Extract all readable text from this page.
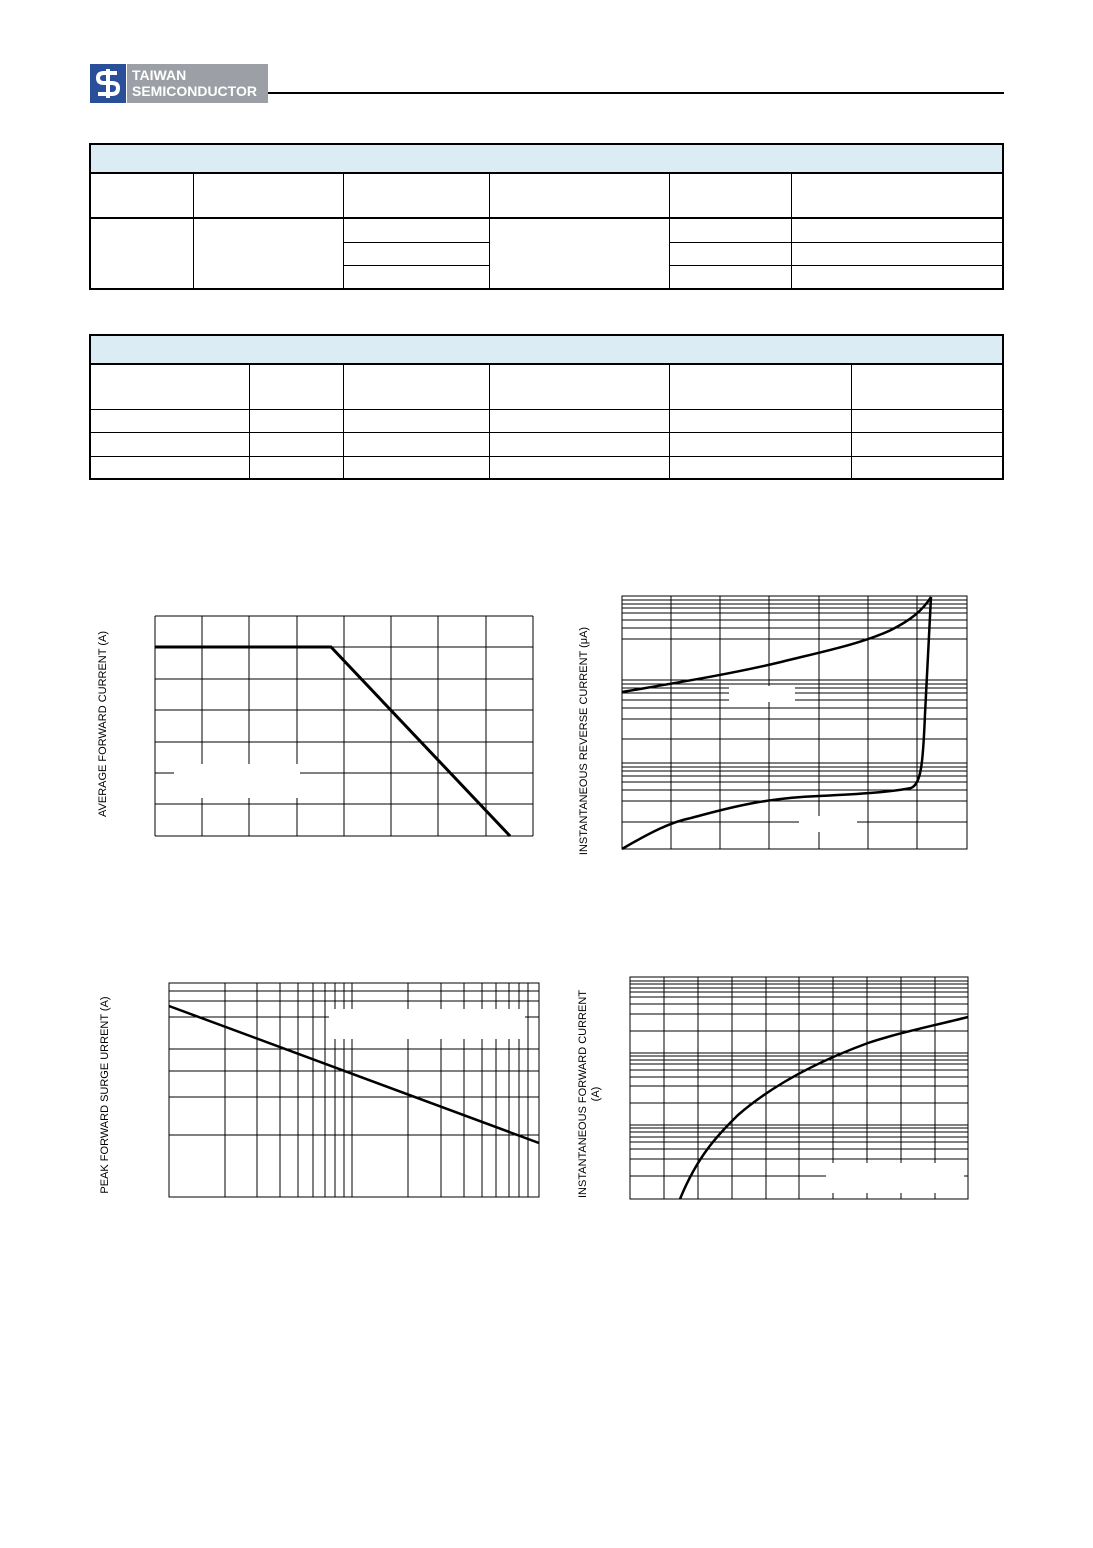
TAIWAN
SEMICONDUCTOR
AVERAGE FORWARD CURRENT (A)	INSTANTANEOUS REVERSE CURRENT (μA)
PEAK FORWARD SURGE URRENT (A)	INSTANTANEOUS FORWARD CURRENT (A)
